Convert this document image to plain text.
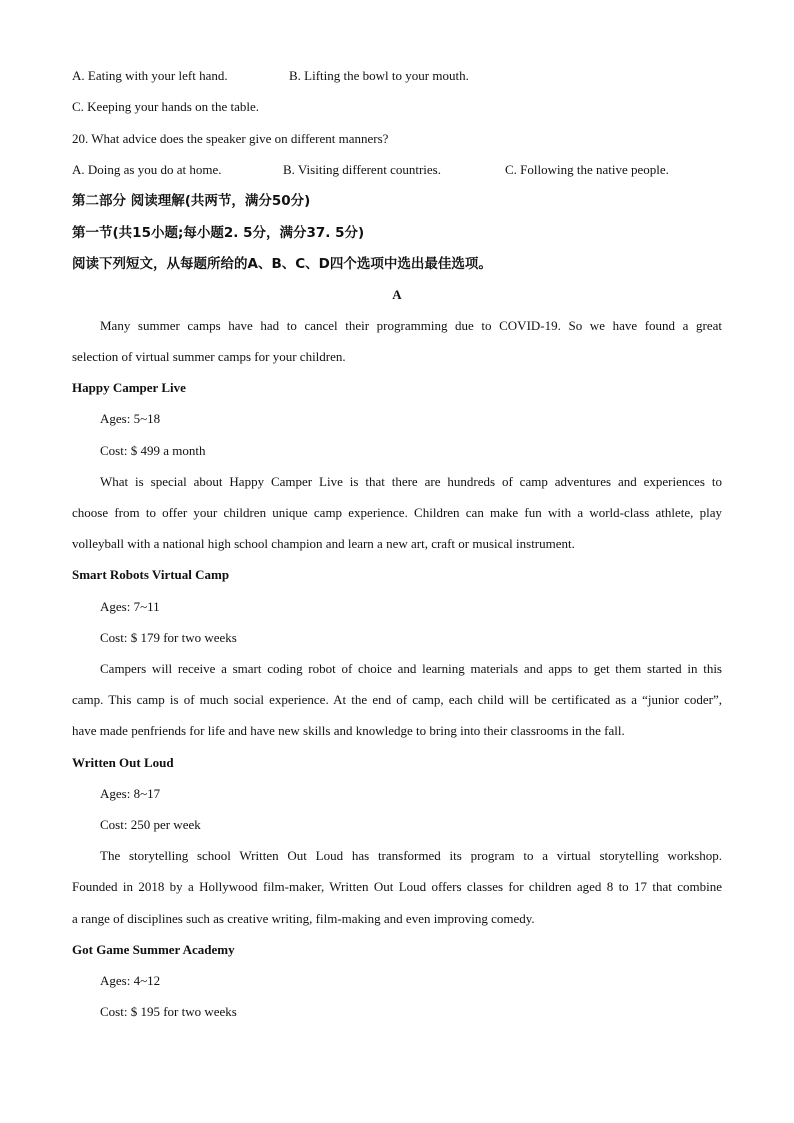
A. Eating with your left hand.	B. Lifting the bowl to your mouth.
C. Keeping your hands on the table.
20. What advice does the speaker give on different manners?
A. Doing as you do at home.	B. Visiting different countries.	C. Following the native people.
第二部分 阅读理解(共两节，满分50分)
第一节(共15小题;每小题2. 5分，满分37. 5分)
阅读下列短文，从每题所给的A、B、C、D四个选项中选出最佳选项。
A
Many summer camps have had to cancel their programming due to COVID-19. So we have found a great
selection of virtual summer camps for your children.
Happy Camper Live
Ages: 5~18
Cost: $ 499 a month
What is special about Happy Camper Live is that there are hundreds of camp adventures and experiences to
choose from to offer your children unique camp experience. Children can make fun with a world-class athlete, play
volleyball with a national high school champion and learn a new art, craft or musical instrument.
Smart Robots Virtual Camp
Ages: 7~11
Cost: $ 179 for two weeks
Campers will receive a smart coding robot of choice and learning materials and apps to get them started in this
camp. This camp is of much social experience. At the end of camp, each child will be certificated as a “junior coder”,
have made penfriends for life and have new skills and knowledge to bring into their classrooms in the fall.
Written Out Loud
Ages: 8~17
Cost: 250 per week
The storytelling school Written Out Loud has transformed its program to a virtual storytelling workshop.
Founded in 2018 by a Hollywood film-maker, Written Out Loud offers classes for children aged 8 to 17 that combine
a range of disciplines such as creative writing, film-making and even improving comedy.
Got Game Summer Academy
Ages: 4~12
Cost: $ 195 for two weeks
